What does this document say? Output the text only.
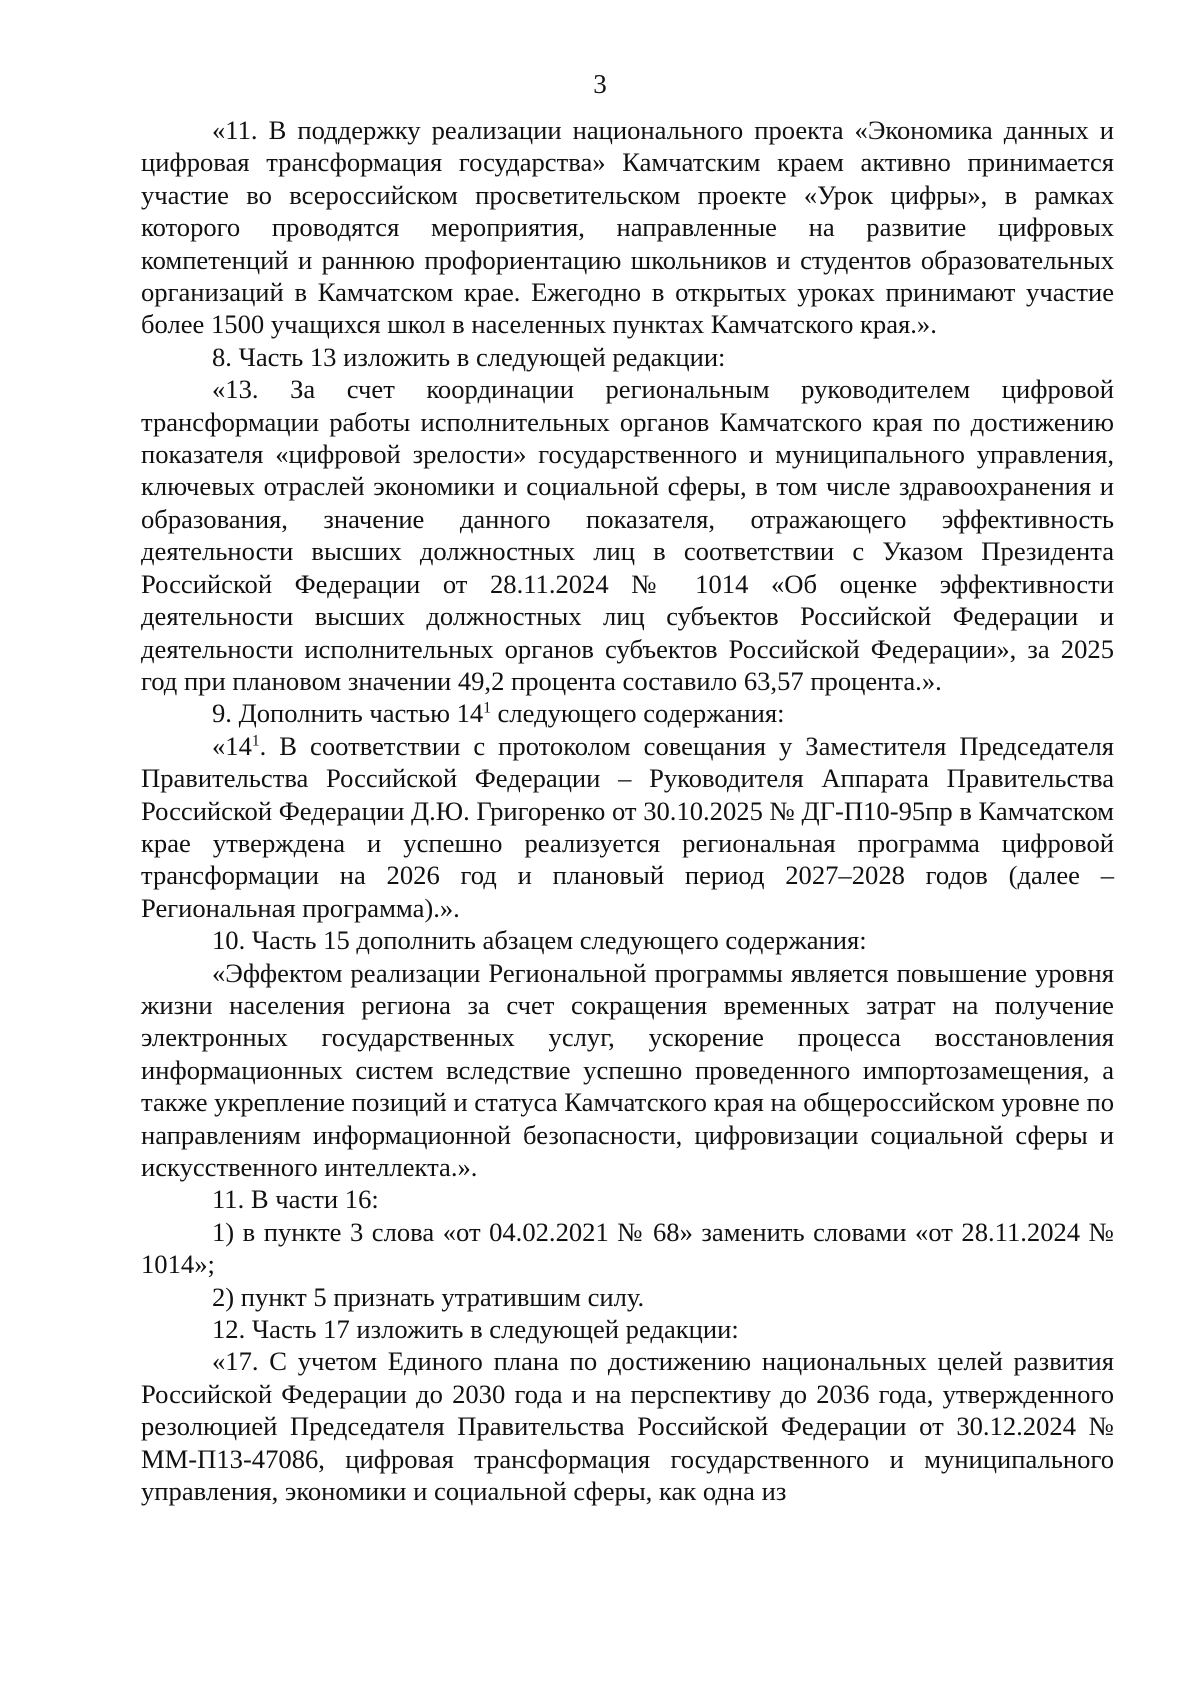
3

«11. В поддержку реализации национального проекта «Экономика данных и цифровая трансформация государства» Камчатским краем активно принимается участие во всероссийском просветительском проекте «Урок цифры», в рамках которого проводятся мероприятия, направленные на развитие цифровых компетенций и раннюю профориентацию школьников и студентов образовательных организаций в Камчатском крае. Ежегодно в открытых уроках принимают участие более 1500 учащихся школ в населенных пунктах Камчатского края.».

8. Часть 13 изложить в следующей редакции:

«13. За счет координации региональным руководителем цифровой трансформации работы исполнительных органов Камчатского края по достижению показателя «цифровой зрелости» государственного и муниципального управления, ключевых отраслей экономики и социальной сферы, в том числе здравоохранения и образования, значение данного показателя, отражающего эффективность деятельности высших должностных лиц в соответствии с Указом Президента Российской Федерации от 28.11.2024 № 1014 «Об оценке эффективности деятельности высших должностных лиц субъектов Российской Федерации и деятельности исполнительных органов субъектов Российской Федерации», за 2025 год при плановом значении 49,2 процента составило 63,57 процента.».

9. Дополнить частью $14^1$ следующего содержания:

«$14^1$. В соответствии с протоколом совещания у Заместителя Председателя Правительства Российской Федерации – Руководителя Аппарата Правительства Российской Федерации Д.Ю. Григоренко от 30.10.2025 № ДГ-П10-95пр в Камчатском крае утверждена и успешно реализуется региональная программа цифровой трансформации на 2026 год и плановый период 2027–2028 годов (далее – Региональная программа).».

10. Часть 15 дополнить абзацем следующего содержания:

«Эффектом реализации Региональной программы является повышение уровня жизни населения региона за счет сокращения временных затрат на получение электронных государственных услуг, ускорение процесса восстановления информационных систем вследствие успешно проведенного импортозамещения, а также укрепление позиций и статуса Камчатского края на общероссийском уровне по направлениям информационной безопасности, цифровизации социальной сферы и искусственного интеллекта.».

11. В части 16:

1) в пункте 3 слова «от 04.02.2021 № 68» заменить словами «от 28.11.2024 № 1014»;

2) пункт 5 признать утратившим силу.

12. Часть 17 изложить в следующей редакции:

«17. С учетом Единого плана по достижению национальных целей развития Российской Федерации до 2030 года и на перспективу до 2036 года, утвержденного резолюцией Председателя Правительства Российской Федерации от 30.12.2024 № ММ-П13-47086, цифровая трансформация государственного и муниципального управления, экономики и социальной сферы, как одна из
